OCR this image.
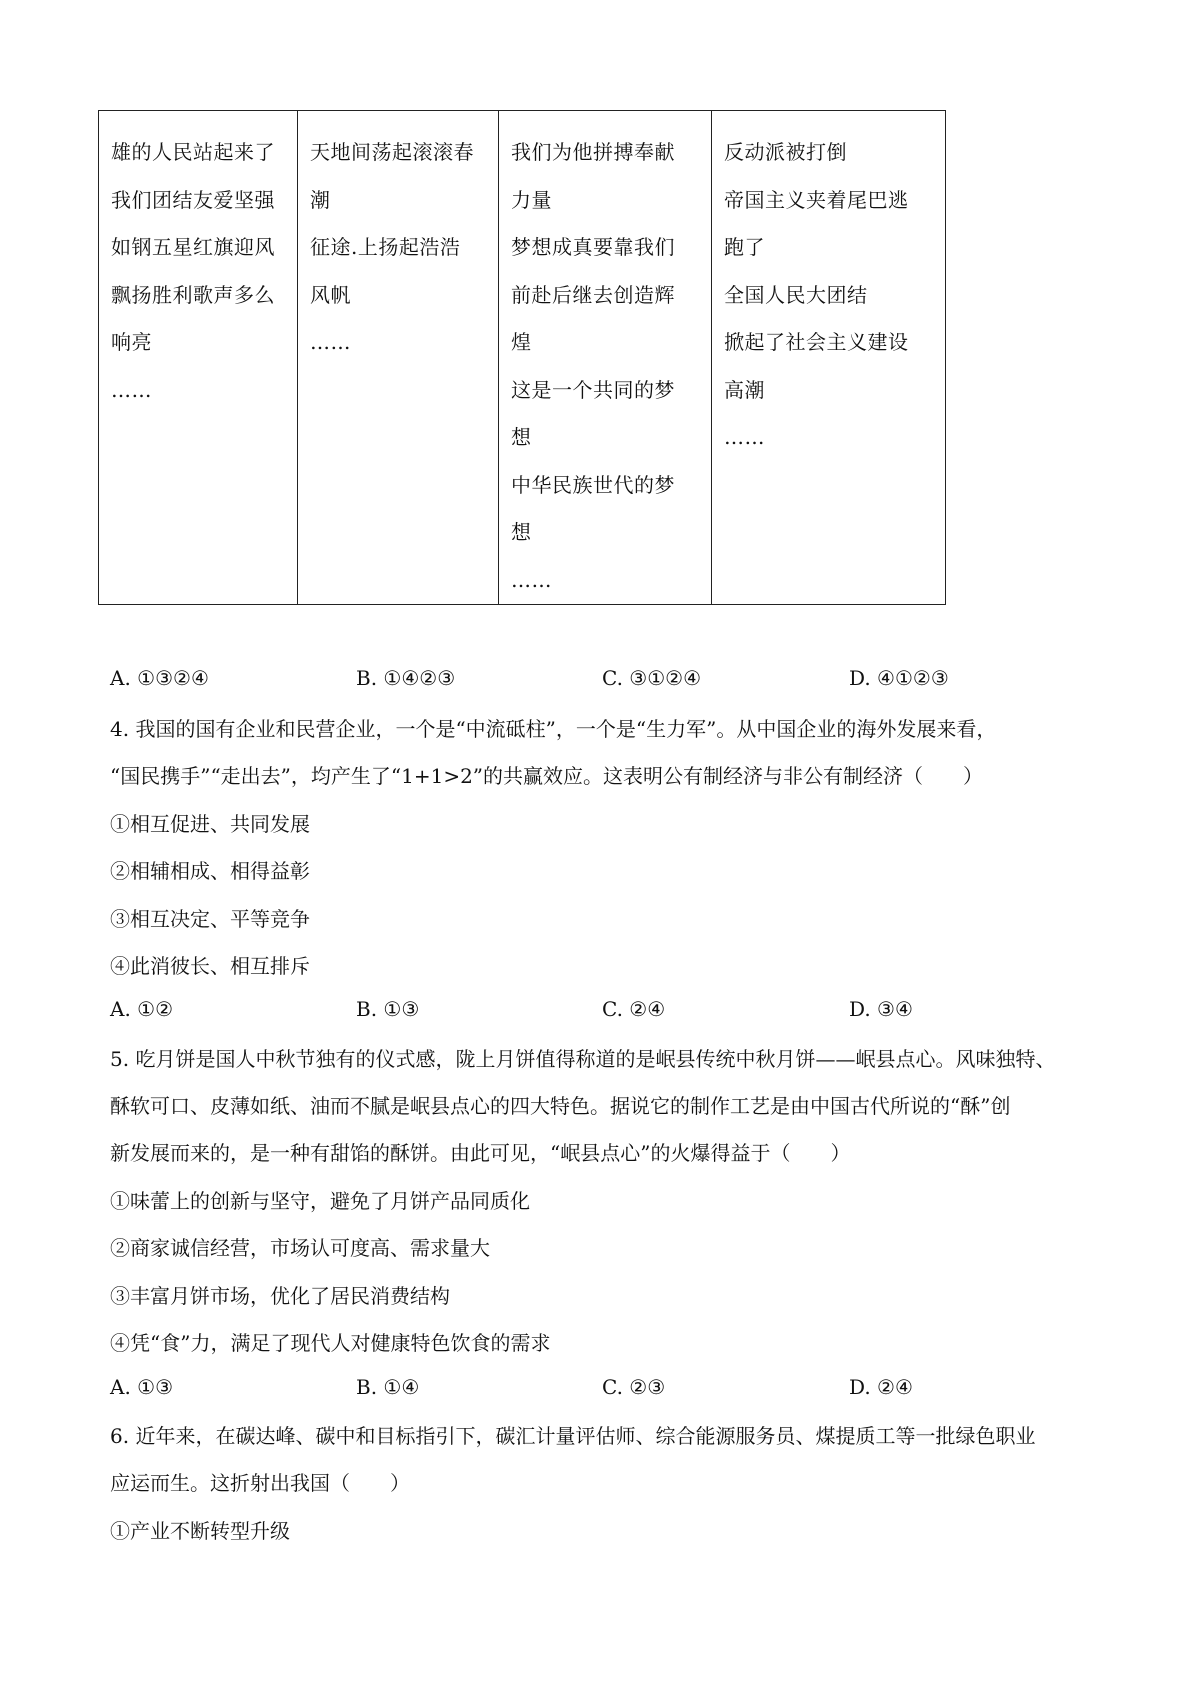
雄的人民站起来了
我们团结友爱坚强
如钢五星红旗迎风
飘扬胜利歌声多么
响亮
……

天地间荡起滚滚春
潮
征途.上扬起浩浩
风帆
……

我们为他拼搏奉献
力量
梦想成真要靠我们
前赴后继去创造辉
煌
这是一个共同的梦
想
中华民族世代的梦
想
……

反动派被打倒
帝国主义夹着尾巴逃
跑了
全国人民大团结
掀起了社会主义建设
高潮
……
A. ①③②④	B. ①④②③	C. ③①②④	D. ④①②③
4. 我国的国有企业和民营企业，一个是“中流砥柱”，一个是“生力军”。从中国企业的海外发展来看，
“国民携手”“走出去”，均产生了“1+1>2”的共赢效应。这表明公有制经济与非公有制经济（　　）
①相互促进、共同发展
②相辅相成、相得益彰
③相互决定、平等竞争
④此消彼长、相互排斥
A. ①②	B. ①③	C. ②④	D. ③④
5. 吃月饼是国人中秋节独有的仪式感，陇上月饼值得称道的是岷县传统中秋月饼——岷县点心。风味独特、
酥软可口、皮薄如纸、油而不腻是岷县点心的四大特色。据说它的制作工艺是由中国古代所说的“酥”创
新发展而来的，是一种有甜馅的酥饼。由此可见，“岷县点心”的火爆得益于（　　）
①味蕾上的创新与坚守，避免了月饼产品同质化
②商家诚信经营，市场认可度高、需求量大
③丰富月饼市场，优化了居民消费结构
④凭“食”力，满足了现代人对健康特色饮食的需求
A. ①③	B. ①④	C. ②③	D. ②④
6. 近年来，在碳达峰、碳中和目标指引下，碳汇计量评估师、综合能源服务员、煤提质工等一批绿色职业
应运而生。这折射出我国（　　）
①产业不断转型升级
